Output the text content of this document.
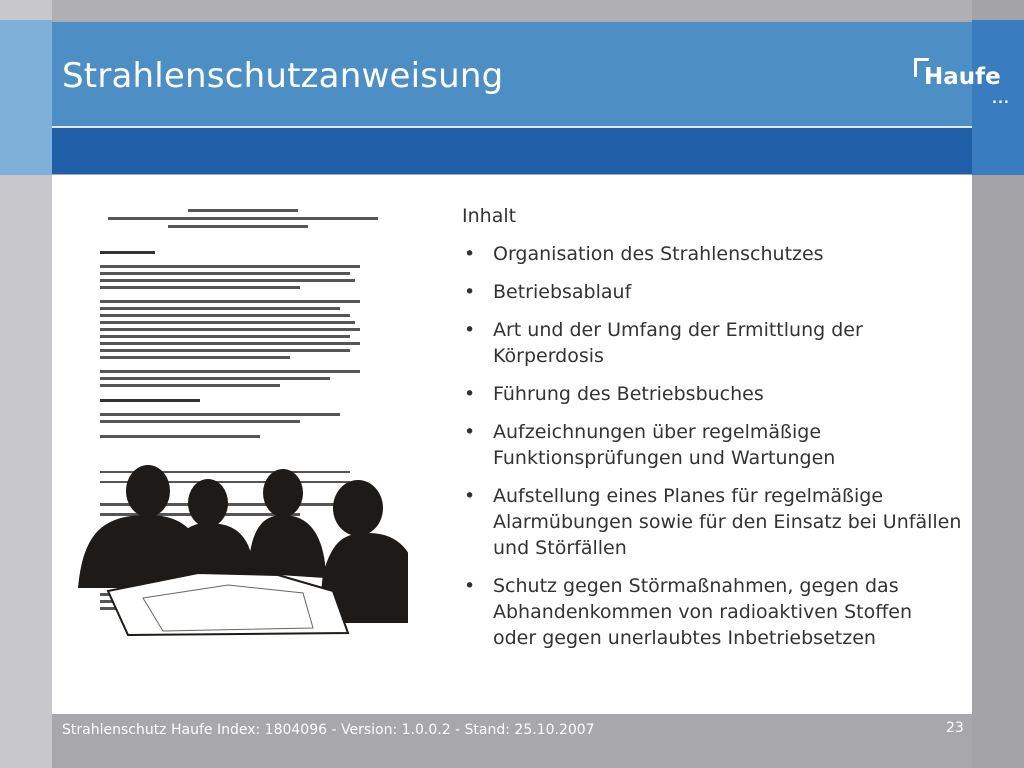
Strahlenschutzanweisung	Haufe
...
Inhalt
• Organisation des Strahlenschutzes
• Betriebsablauf
• Art und der Umfang der Ermittlung der Körperdosis
• Führung des Betriebsbuches
• Aufzeichnungen über regelmäßige Funktionsprüfungen und Wartungen
• Aufstellung eines Planes für regelmäßige Alarmübungen sowie für den Einsatz bei Unfällen und Störfällen
• Schutz gegen Störmaßnahmen, gegen das Abhandenkommen von radioaktiven Stoffen oder gegen unerlaubtes Inbetriebsetzen
Strahlenschutz Haufe Index: 1804096 - Version: 1.0.0.2 - Stand: 25.10.2007	23
